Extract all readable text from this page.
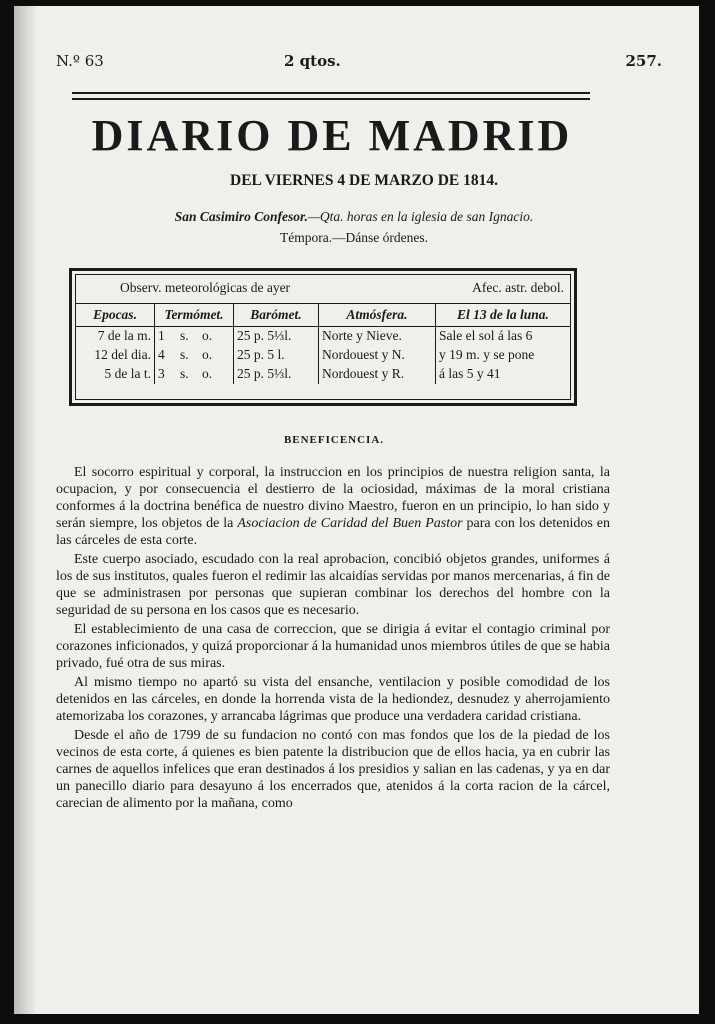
N.º 63	2 qtos.	257.
DIARIO DE MADRID
DEL VIERNES 4 DE MARZO DE 1814.
San Casimiro Confesor.—Qta. horas en la iglesia de san Ignacio.
Témpora.—Dánse órdenes.
Observ. meteorológicas de ayer	Afec. astr. debol.
Epocas.	Termómet.	Barómet.	Atmósfera.	El 13 de la luna.
7 de la m.	1 s. o.	25 p. 5⅓l.	Norte y Nieve.	Sale el sol á las 6
12 del dia.	4 s. o.	25 p. 5 l.	Nordouest y N.	y 19 m. y se pone
5 de la t.	3 s. o.	25 p. 5⅓l.	Nordouest y R.	á las 5 y 41
BENEFICENCIA.

El socorro espiritual y corporal, la instruccion en los principios de nuestra religion santa, la ocupacion, y por consecuencia el destierro de la ociosidad, máximas de la moral cristiana conformes á la doctrina benéfica de nuestro divino Maestro, fueron en un principio, lo han sido y serán siempre, los objetos de la Asociacion de Caridad del Buen Pastor para con los detenidos en las cárceles de esta corte.

Este cuerpo asociado, escudado con la real aprobacion, concibió objetos grandes, uniformes á los de sus institutos, quales fueron el redimir las alcaidías servidas por manos mercenarias, á fin de que se administrasen por personas que supieran combinar los derechos del hombre con la seguridad de su persona en los casos que es necesario.

El establecimiento de una casa de correccion, que se dirigia á evitar el contagio criminal por corazones inficionados, y quizá proporcionar á la humanidad unos miembros útiles de que se habia privado, fué otra de sus miras.

Al mismo tiempo no apartó su vista del ensanche, ventilacion y posible comodidad de los detenidos en las cárceles, en donde la horrenda vista de la hediondez, desnudez y aherrojamiento atemorizaba los corazones, y arrancaba lágrimas que produce una verdadera caridad cristiana.

Desde el año de 1799 de su fundacion no contó con mas fondos que los de la piedad de los vecinos de esta corte, á quienes es bien patente la distribucion que de ellos hacia, ya en cubrir las carnes de aquellos infelices que eran destinados á los presidios y salian en las cadenas, y ya en dar un panecillo diario para desayuno á los encerrados que, atenidos á la corta racion de la cárcel, carecian de alimento por la mañana, como
